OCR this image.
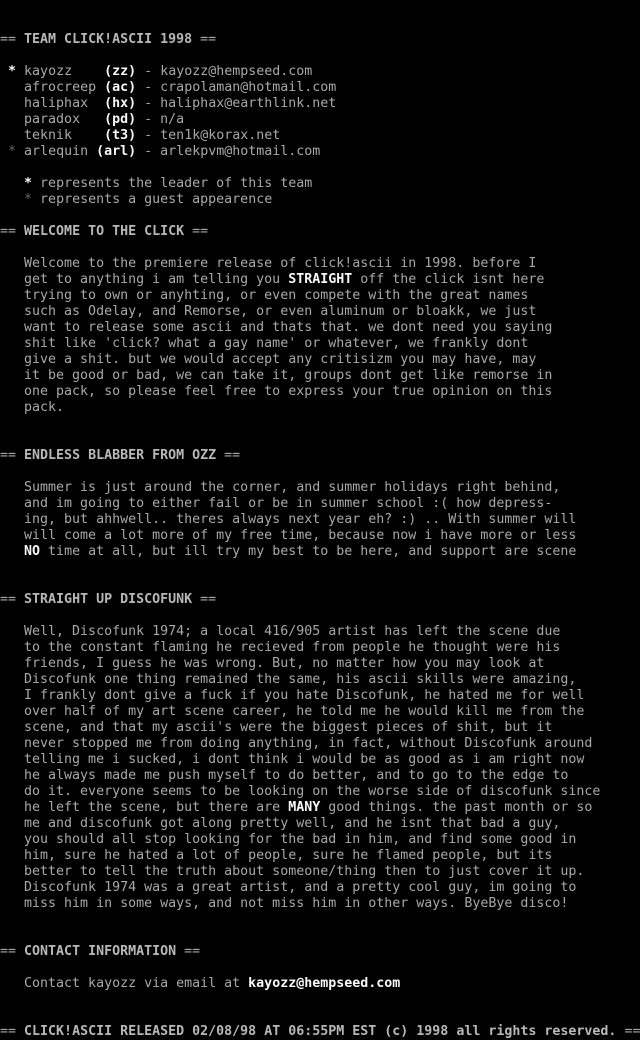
== TEAM CLICK!ASCII 1998 ==
* kayozz (zz) - kayozz@hempseed.com
afrocreep (ac) - crapolaman@hotmail.com
haliphax (hx) - haliphax@earthlink.net
paradox (pd) - n/a
teknik (t3) - ten1k@korax.net
* arlequin (arl) - arlekpvm@hotmail.com
* represents the leader of this team
* represents a guest appearence
== WELCOME TO THE CLICK ==
Welcome to the premiere release of click!ascii in 1998. before I
get to anything i am telling you STRAIGHT off the click isnt here
trying to own or anyhting, or even compete with the great names
such as Odelay, and Remorse, or even aluminum or bloakk, we just
want to release some ascii and thats that. we dont need you saying
shit like 'click? what a gay name' or whatever, we frankly dont
give a shit. but we would accept any critisizm you may have, may
it be good or bad, we can take it, groups dont get like remorse in
one pack, so please feel free to express your true opinion on this
pack.
== ENDLESS BLABBER FROM OZZ ==
Summer is just around the corner, and summer holidays right behind,
and im going to either fail or be in summer school :( how depress-
ing, but ahhwell.. theres always next year eh? :) .. With summer will
will come a lot more of my free time, because now i have more or less
NO time at all, but ill try my best to be here, and support are scene
== STRAIGHT UP DISCOFUNK ==
Well, Discofunk 1974; a local 416/905 artist has left the scene due
to the constant flaming he recieved from people he thought were his
friends, I guess he was wrong. But, no matter how you may look at
Discofunk one thing remained the same, his ascii skills were amazing,
I frankly dont give a fuck if you hate Discofunk, he hated me for well
over half of my art scene career, he told me he would kill me from the
scene, and that my ascii's were the biggest pieces of shit, but it
never stopped me from doing anything, in fact, without Discofunk around
telling me i sucked, i dont think i would be as good as i am right now
he always made me push myself to do better, and to go to the edge to
do it. everyone seems to be looking on the worse side of discofunk since
he left the scene, but there are MANY good things. the past month or so
me and discofunk got along pretty well, and he isnt that bad a guy,
you should all stop looking for the bad in him, and find some good in
him, sure he hated a lot of people, sure he flamed people, but its
better to tell the truth about someone/thing then to just cover it up.
Discofunk 1974 was a great artist, and a pretty cool guy, im going to
miss him in some ways, and not miss him in other ways. ByeBye disco!
== CONTACT INFORMATION ==
Contact kayozz via email at kayozz@hempseed.com
== CLICK!ASCII RELEASED 02/08/98 AT 06:55PM EST (c) 1998 all rights reserved. ==
